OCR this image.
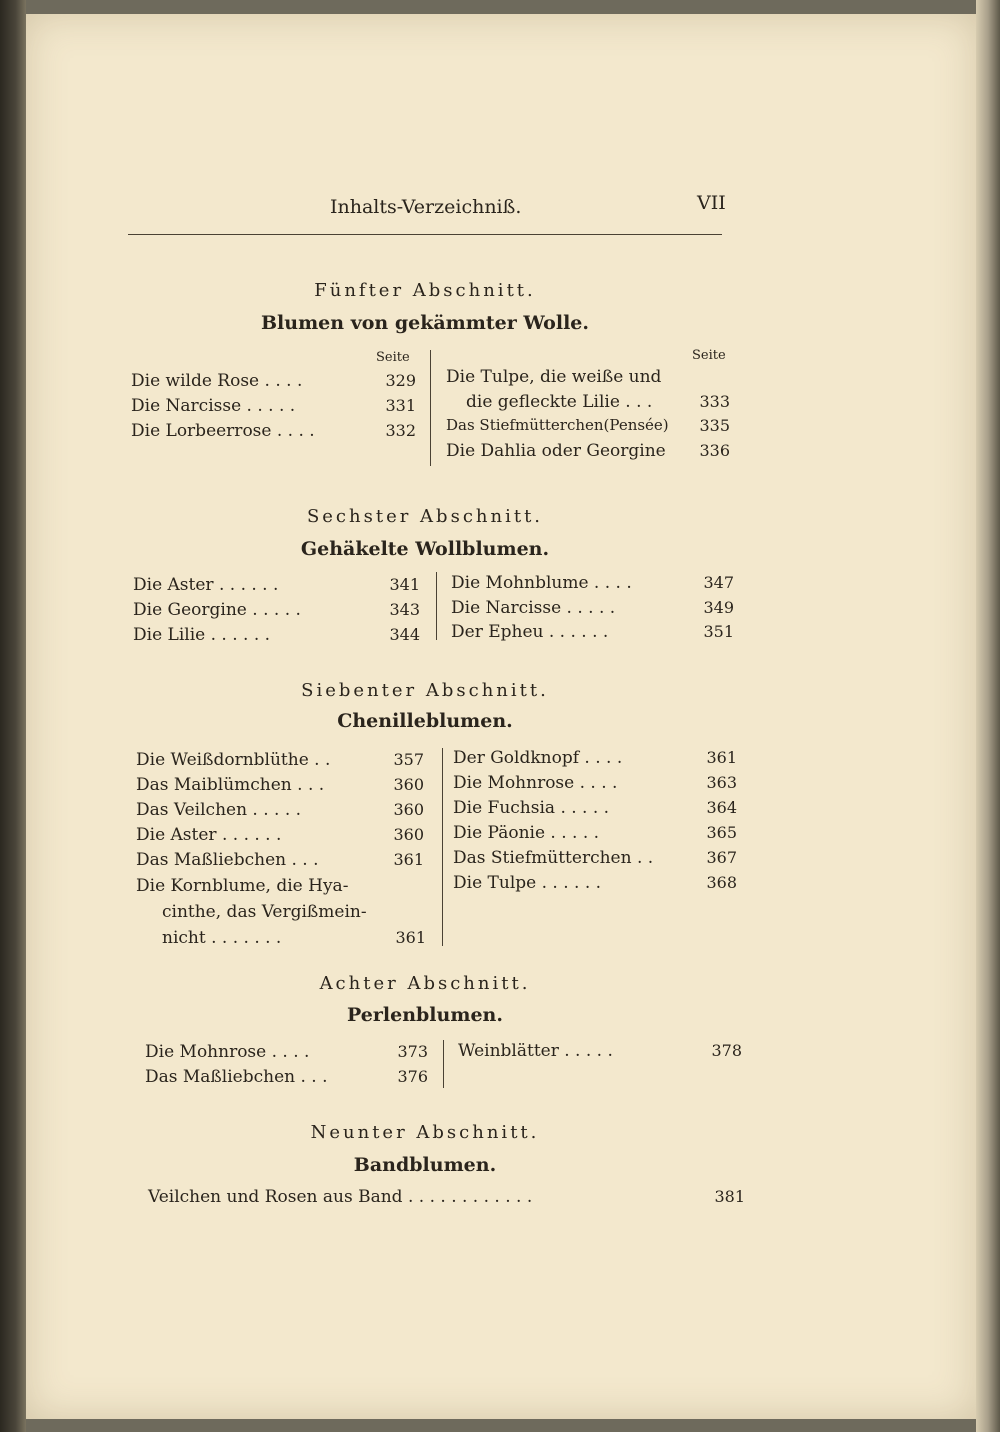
Inhalts-Verzeichniß.	VII
Fünfter Abschnitt.
Blumen von gekämmter Wolle.
Seite	Seite
Die wilde Rose . . . .	329
Die Narcisse . . . . .	331
Die Lorbeerrose . . . .	332
Die Tulpe, die weiße und
die gefleckte Lilie . . .	333
Das Stiefmütterchen(Pensée)	335
Die Dahlia oder Georgine	336
Sechster Abschnitt.
Gehäkelte Wollblumen.
Die Aster . . . . . .	341
Die Georgine . . . . .	343
Die Lilie . . . . . .	344
Die Mohnblume . . . .	347
Die Narcisse . . . . .	349
Der Epheu . . . . . .	351
Siebenter Abschnitt.
Chenilleblumen.
Die Weißdornblüthe . .	357
Das Maiblümchen . . .	360
Das Veilchen . . . . .	360
Die Aster . . . . . .	360
Das Maßliebchen . . .	361
Die Kornblume, die Hya-
cinthe, das Vergißmein-
nicht . . . . . . .	361
Der Goldknopf . . . .	361
Die Mohnrose . . . .	363
Die Fuchsia . . . . .	364
Die Päonie . . . . .	365
Das Stiefmütterchen . .	367
Die Tulpe . . . . . .	368
Achter Abschnitt.
Perlenblumen.
Die Mohnrose . . . .	373
Das Maßliebchen . . .	376
Weinblätter . . . . .	378
Neunter Abschnitt.
Bandblumen.
Veilchen und Rosen aus Band . . . . . . . . . . . .	381
